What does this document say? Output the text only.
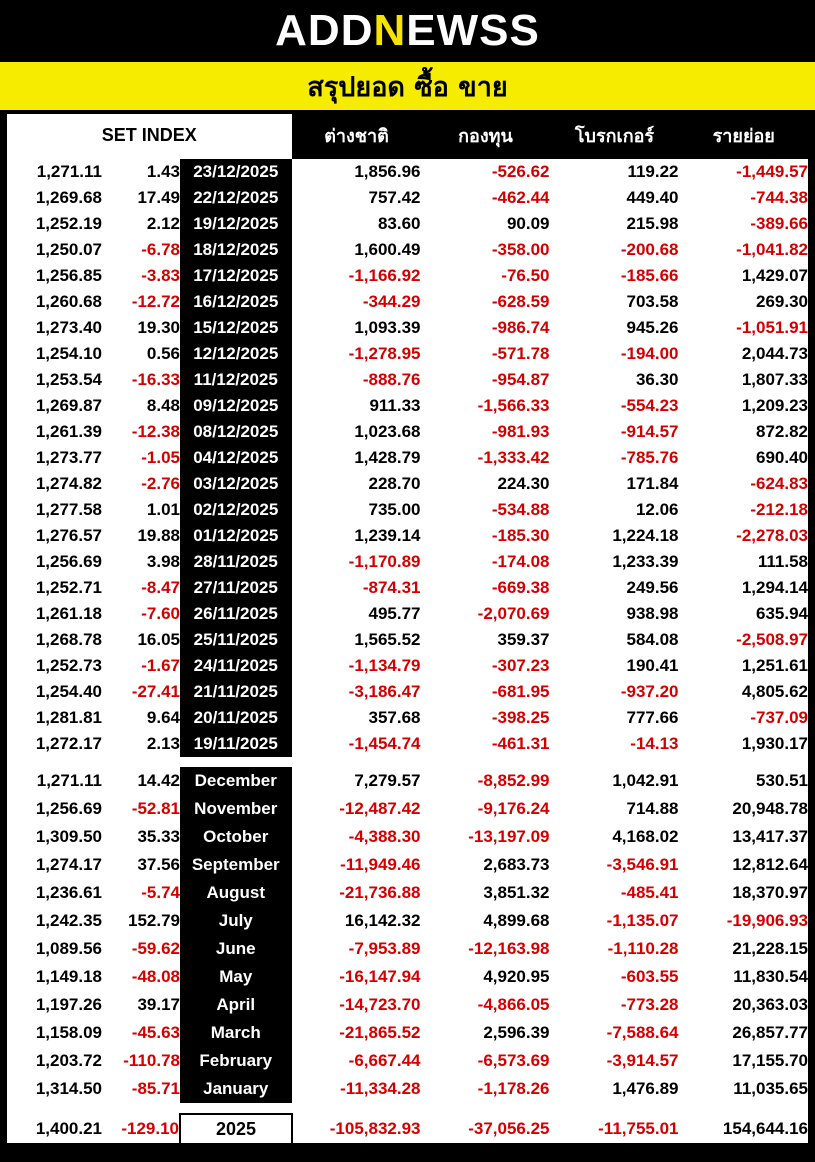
ADDNEWSS
สรุปยอด ซื้อ ขาย
SET INDEX			ต่างชาติ	กองทุน	โบรกเกอร์	รายย่อย
1,271.11	1.43	23/12/2025	1,856.96	-526.62	119.22	-1,449.57
1,269.68	17.49	22/12/2025	757.42	-462.44	449.40	-744.38
1,252.19	2.12	19/12/2025	83.60	90.09	215.98	-389.66
1,250.07	-6.78	18/12/2025	1,600.49	-358.00	-200.68	-1,041.82
1,256.85	-3.83	17/12/2025	-1,166.92	-76.50	-185.66	1,429.07
1,260.68	-12.72	16/12/2025	-344.29	-628.59	703.58	269.30
1,273.40	19.30	15/12/2025	1,093.39	-986.74	945.26	-1,051.91
1,254.10	0.56	12/12/2025	-1,278.95	-571.78	-194.00	2,044.73
1,253.54	-16.33	11/12/2025	-888.76	-954.87	36.30	1,807.33
1,269.87	8.48	09/12/2025	911.33	-1,566.33	-554.23	1,209.23
1,261.39	-12.38	08/12/2025	1,023.68	-981.93	-914.57	872.82
1,273.77	-1.05	04/12/2025	1,428.79	-1,333.42	-785.76	690.40
1,274.82	-2.76	03/12/2025	228.70	224.30	171.84	-624.83
1,277.58	1.01	02/12/2025	735.00	-534.88	12.06	-212.18
1,276.57	19.88	01/12/2025	1,239.14	-185.30	1,224.18	-2,278.03
1,256.69	3.98	28/11/2025	-1,170.89	-174.08	1,233.39	111.58
1,252.71	-8.47	27/11/2025	-874.31	-669.38	249.56	1,294.14
1,261.18	-7.60	26/11/2025	495.77	-2,070.69	938.98	635.94
1,268.78	16.05	25/11/2025	1,565.52	359.37	584.08	-2,508.97
1,252.73	-1.67	24/11/2025	-1,134.79	-307.23	190.41	1,251.61
1,254.40	-27.41	21/11/2025	-3,186.47	-681.95	-937.20	4,805.62
1,281.81	9.64	20/11/2025	357.68	-398.25	777.66	-737.09
1,272.17	2.13	19/11/2025	-1,454.74	-461.31	-14.13	1,930.17

1,271.11	14.42	December	7,279.57	-8,852.99	1,042.91	530.51
1,256.69	-52.81	November	-12,487.42	-9,176.24	714.88	20,948.78
1,309.50	35.33	October	-4,388.30	-13,197.09	4,168.02	13,417.37
1,274.17	37.56	September	-11,949.46	2,683.73	-3,546.91	12,812.64
1,236.61	-5.74	August	-21,736.88	3,851.32	-485.41	18,370.97
1,242.35	152.79	July	16,142.32	4,899.68	-1,135.07	-19,906.93
1,089.56	-59.62	June	-7,953.89	-12,163.98	-1,110.28	21,228.15
1,149.18	-48.08	May	-16,147.94	4,920.95	-603.55	11,830.54
1,197.26	39.17	April	-14,723.70	-4,866.05	-773.28	20,363.03
1,158.09	-45.63	March	-21,865.52	2,596.39	-7,588.64	26,857.77
1,203.72	-110.78	February	-6,667.44	-6,573.69	-3,914.57	17,155.70
1,314.50	-85.71	January	-11,334.28	-1,178.26	1,476.89	11,035.65

1,400.21	-129.10	2025	-105,832.93	-37,056.25	-11,755.01	154,644.16
